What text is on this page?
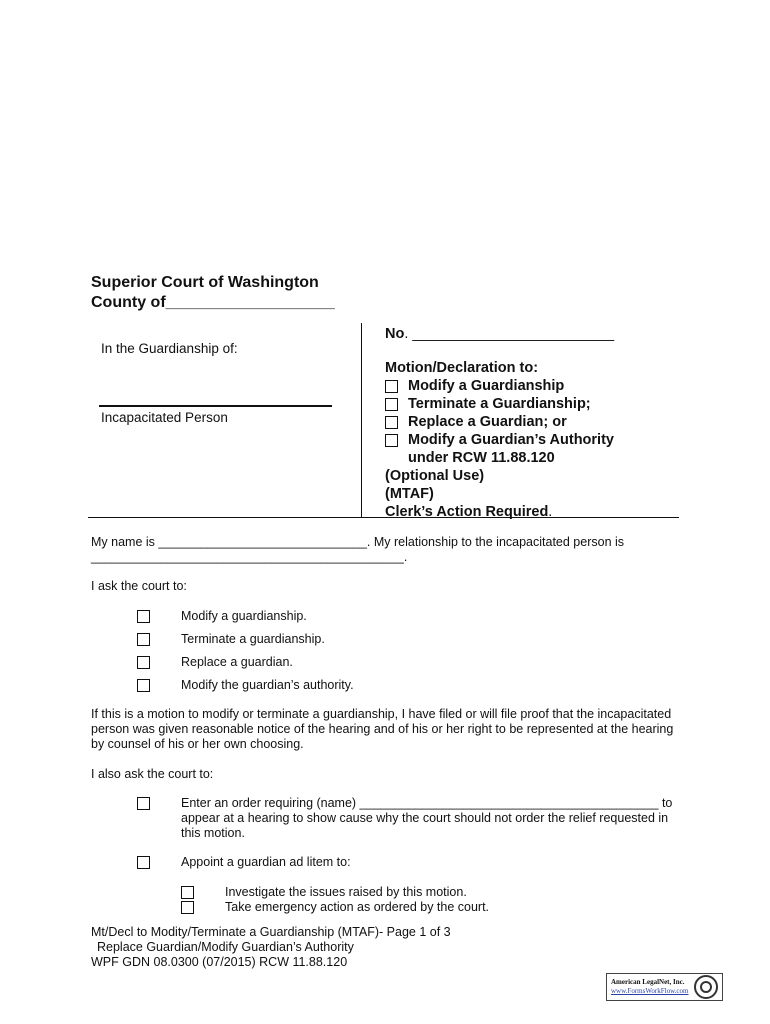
Superior Court of Washington
County of___________________
In the Guardianship of:
Incapacitated Person
No . _________________________
Motion/Declaration to:
Modify a Guardianship
Terminate a Guardianship;
Replace a Guardian; or
Modify a Guardian’s Authority
under RCW 11.88.120
(Optional Use)
(MTAF)
Clerk’s Action Required .
My name is ______________________________. My relationship to the incapacitated person is
_____________________________________________.
I ask the court to:
Modify a guardianship.
Terminate a guardianship.
Replace a guardian.
Modify the guardian’s authority.
If this is a motion to modify or terminate a guardianship, I have filed or will file proof that the incapacitated person was given reasonable notice of the hearing and of his or her right to be represented at the hearing by counsel of his or her own choosing.
I also ask the court to:
Enter an order requiring (name) ___________________________________________ to appear at a hearing to show cause why the court should not order the relief requested in this motion.
Appoint a guardian ad litem to:
Investigate the issues raised by this motion.
Take emergency action as ordered by the court.
Mt/Decl to Modity/Terminate a Guardianship (MTAF)- Page 1 of 3
Replace Guardian/Modify Guardian’s Authority
WPF GDN 08.0300 (07/2015) RCW 11.88.120
American LegalNet, Inc.
www.FormsWorkFlow.com
